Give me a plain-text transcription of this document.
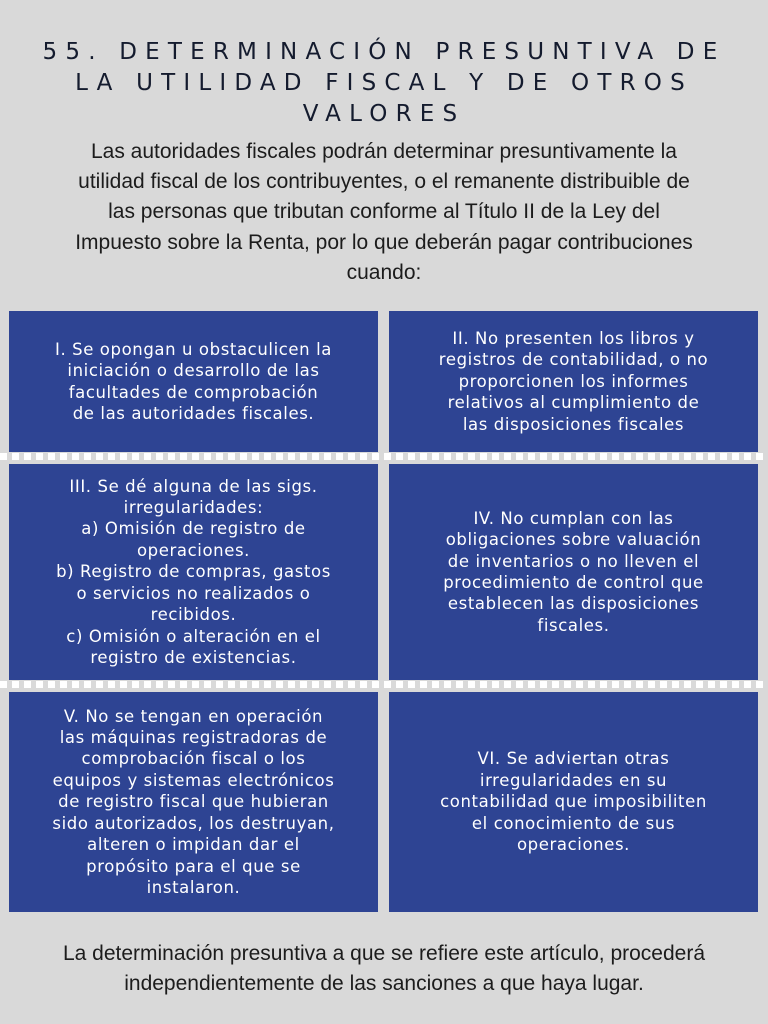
55. DETERMINACIÓN PRESUNTIVA DE
LA UTILIDAD FISCAL Y DE OTROS
VALORES
Las autoridades fiscales podrán determinar presuntivamente la
utilidad fiscal de los contribuyentes, o el remanente distribuible de
las personas que tributan conforme al Título II de la Ley del
Impuesto sobre la Renta, por lo que deberán pagar contribuciones
cuando:
I. Se opongan u obstaculicen la
iniciación o desarrollo de las
facultades de comprobación
de las autoridades fiscales.
II. No presenten los libros y
registros de contabilidad, o no
proporcionen los informes
relativos al cumplimiento de
las disposiciones fiscales
III. Se dé alguna de las sigs.
irregularidades:
a) Omisión de registro de
operaciones.
b) Registro de compras, gastos
o servicios no realizados o
recibidos.
c) Omisión o alteración en el
registro de existencias.
IV. No cumplan con las
obligaciones sobre valuación
de inventarios o no lleven el
procedimiento de control que
establecen las disposiciones
fiscales.
V. No se tengan en operación
las máquinas registradoras de
comprobación fiscal o los
equipos y sistemas electrónicos
de registro fiscal que hubieran
sido autorizados, los destruyan,
alteren o impidan dar el
propósito para el que se
instalaron.
VI. Se adviertan otras
irregularidades en su
contabilidad que imposibiliten
el conocimiento de sus
operaciones.
La determinación presuntiva a que se refiere este artículo, procederá
independientemente de las sanciones a que haya lugar.
